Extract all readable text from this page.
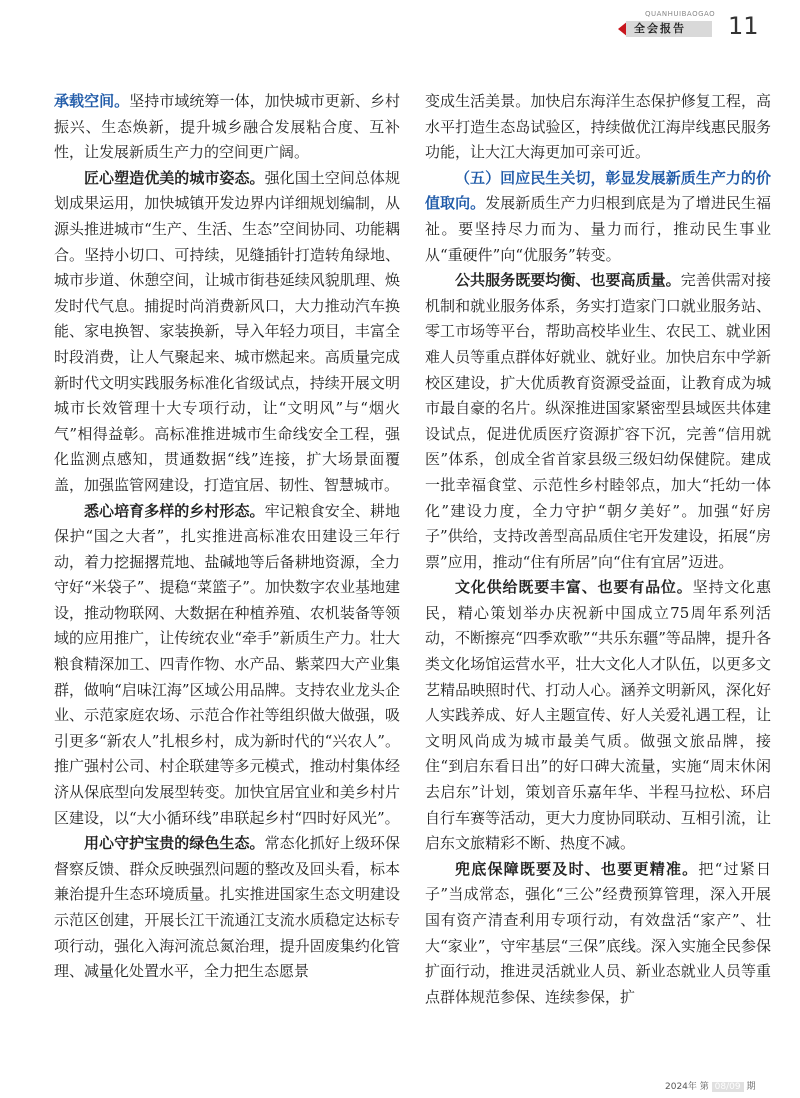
QUANHUIBAOGAO
全会报告 11

承载空间。坚持市域统筹一体，加快城市更新、乡村振兴、生态焕新，提升城乡融合发展粘合度、互补性，让发展新质生产力的空间更广阔。

匠心塑造优美的城市姿态。强化国土空间总体规划成果运用，加快城镇开发边界内详细规划编制，从源头推进城市“生产、生活、生态”空间协同、功能耦合。坚持小切口、可持续，见缝插针打造转角绿地、城市步道、休憩空间，让城市街巷延续风貌肌理、焕发时代气息。捕捉时尚消费新风口，大力推动汽车换能、家电换智、家装换新，导入年轻力项目，丰富全时段消费，让人气聚起来、城市燃起来。高质量完成新时代文明实践服务标准化省级试点，持续开展文明城市长效管理十大专项行动，让“文明风”与“烟火气”相得益彰。高标准推进城市生命线安全工程，强化监测点感知，贯通数据“线”连接，扩大场景面覆盖，加强监管网建设，打造宜居、韧性、智慧城市。

悉心培育多样的乡村形态。牢记粮食安全、耕地保护“国之大者”，扎实推进高标准农田建设三年行动，着力挖掘撂荒地、盐碱地等后备耕地资源，全力守好“米袋子”、提稳“菜篮子”。加快数字农业基地建设，推动物联网、大数据在种植养殖、农机装备等领域的应用推广，让传统农业“牵手”新质生产力。壮大粮食精深加工、四青作物、水产品、紫菜四大产业集群，做响“启味江海”区域公用品牌。支持农业龙头企业、示范家庭农场、示范合作社等组织做大做强，吸引更多“新农人”扎根乡村，成为新时代的“兴农人”。推广强村公司、村企联建等多元模式，推动村集体经济从保底型向发展型转变。加快宜居宜业和美乡村片区建设，以“大小循环线”串联起乡村“四时好风光”。

用心守护宝贵的绿色生态。常态化抓好上级环保督察反馈、群众反映强烈问题的整改及回头看，标本兼治提升生态环境质量。扎实推进国家生态文明建设示范区创建，开展长江干流通江支流水质稳定达标专项行动，强化入海河流总氮治理，提升固废集约化管理、减量化处置水平，全力把生态愿景

变成生活美景。加快启东海洋生态保护修复工程，高水平打造生态岛试验区，持续做优江海岸线惠民服务功能，让大江大海更加可亲可近。

（五）回应民生关切，彰显发展新质生产力的价值取向。发展新质生产力归根到底是为了增进民生福祉。要坚持尽力而为、量力而行，推动民生事业从“重硬件”向“优服务”转变。

公共服务既要均衡、也要高质量。完善供需对接机制和就业服务体系，务实打造家门口就业服务站、零工市场等平台，帮助高校毕业生、农民工、就业困难人员等重点群体好就业、就好业。加快启东中学新校区建设，扩大优质教育资源受益面，让教育成为城市最自豪的名片。纵深推进国家紧密型县域医共体建设试点，促进优质医疗资源扩容下沉，完善“信用就医”体系，创成全省首家县级三级妇幼保健院。建成一批幸福食堂、示范性乡村睦邻点，加大“托幼一体化”建设力度，全力守护“朝夕美好”。加强“好房子”供给，支持改善型高品质住宅开发建设，拓展“房票”应用，推动“住有所居”向“住有宜居”迈进。

文化供给既要丰富、也要有品位。坚持文化惠民，精心策划举办庆祝新中国成立75周年系列活动，不断擦亮“四季欢歌”“共乐东疆”等品牌，提升各类文化场馆运营水平，壮大文化人才队伍，以更多文艺精品映照时代、打动人心。涵养文明新风，深化好人实践养成、好人主题宣传、好人关爱礼遇工程，让文明风尚成为城市最美气质。做强文旅品牌，接住“到启东看日出”的好口碑大流量，实施“周末休闲去启东”计划，策划音乐嘉年华、半程马拉松、环启自行车赛等活动，更大力度协同联动、互相引流，让启东文旅精彩不断、热度不减。

兜底保障既要及时、也要更精准。把“过紧日子”当成常态，强化“三公”经费预算管理，深入开展国有资产清查利用专项行动，有效盘活“家产”、壮大“家业”，守牢基层“三保”底线。深入实施全民参保扩面行动，推进灵活就业人员、新业态就业人员等重点群体规范参保、连续参保，扩

2024年 第 08/09 期
